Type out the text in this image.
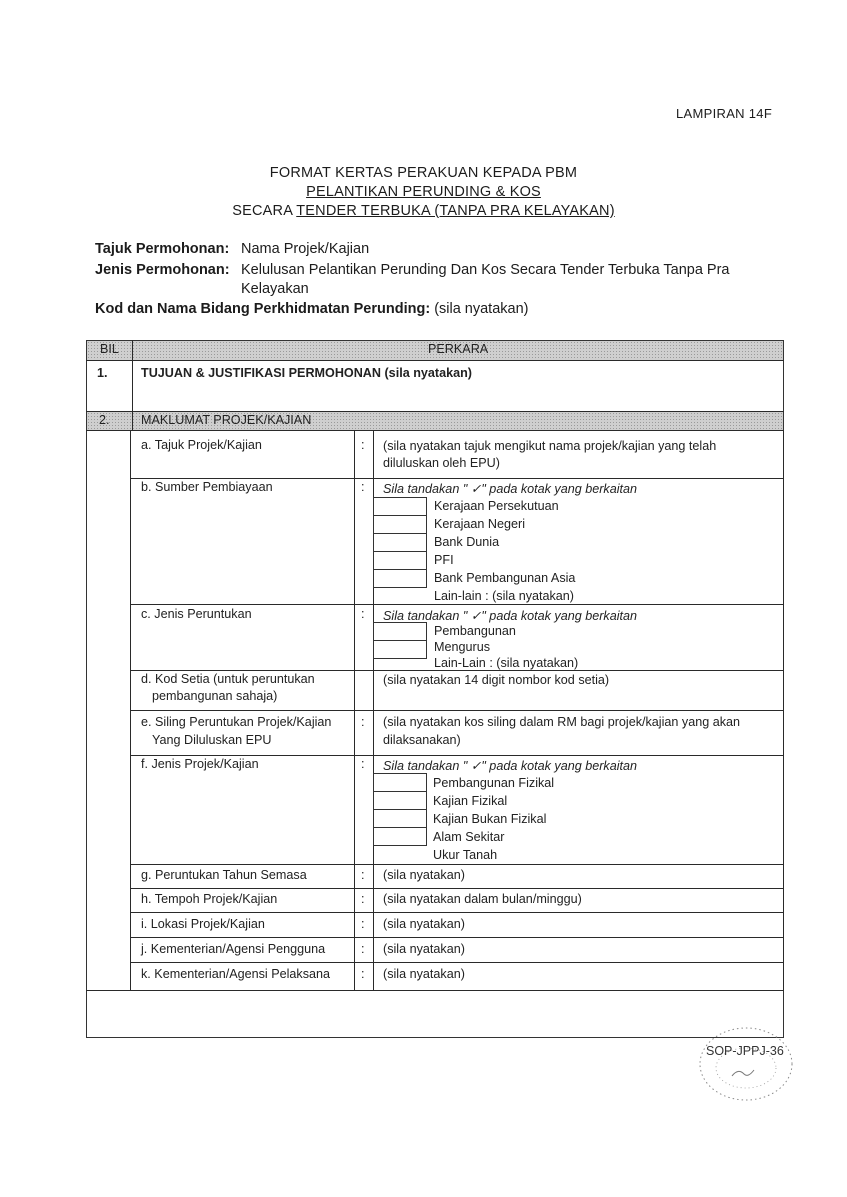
LAMPIRAN 14F
FORMAT KERTAS PERAKUAN KEPADA PBM
PELANTIKAN PERUNDING & KOS
SECARA TENDER TERBUKA (TANPA PRA KELAYAKAN)
Tajuk Permohonan: Nama Projek/Kajian
Jenis Permohonan: Kelulusan Pelantikan Perunding Dan Kos Secara Tender Terbuka Tanpa Pra
Kelayakan
Kod dan Nama Bidang Perkhidmatan Perunding: (sila nyatakan)
BIL	PERKARA
1.	TUJUAN & JUSTIFIKASI PERMOHONAN (sila nyatakan)
2. MAKLUMAT PROJEK/KAJIAN
a. Tajuk Projek/Kajian	: (sila nyatakan tajuk mengikut nama projek/kajian yang telah
diluluskan oleh EPU)
b. Sumber Pembiayaan	: Sila tandakan " ✓" pada kotak yang berkaitan
Kerajaan Persekutuan
Kerajaan Negeri
Bank Dunia
PFI
Bank Pembangunan Asia
Lain-lain : (sila nyatakan)
c. Jenis Peruntukan	: Sila tandakan " ✓" pada kotak yang berkaitan
Pembangunan
Mengurus
Lain-Lain : (sila nyatakan)
d. Kod Setia (untuk peruntukan
pembangunan sahaja)
(sila nyatakan 14 digit nombor kod setia)
e. Siling Peruntukan Projek/Kajian
Yang Diluluskan EPU
: (sila nyatakan kos siling dalam RM bagi projek/kajian yang akan
dilaksanakan)
f. Jenis Projek/Kajian	: Sila tandakan " ✓" pada kotak yang berkaitan
Pembangunan Fizikal
Kajian Fizikal
Kajian Bukan Fizikal
Alam Sekitar
Ukur Tanah
g. Peruntukan Tahun Semasa	: (sila nyatakan)
h. Tempoh Projek/Kajian	: (sila nyatakan dalam bulan/minggu)
i. Lokasi Projek/Kajian	: (sila nyatakan)
j. Kementerian/Agensi Pengguna	: (sila nyatakan)
k. Kementerian/Agensi Pelaksana : (sila nyatakan)
SOP-JPPJ-36
